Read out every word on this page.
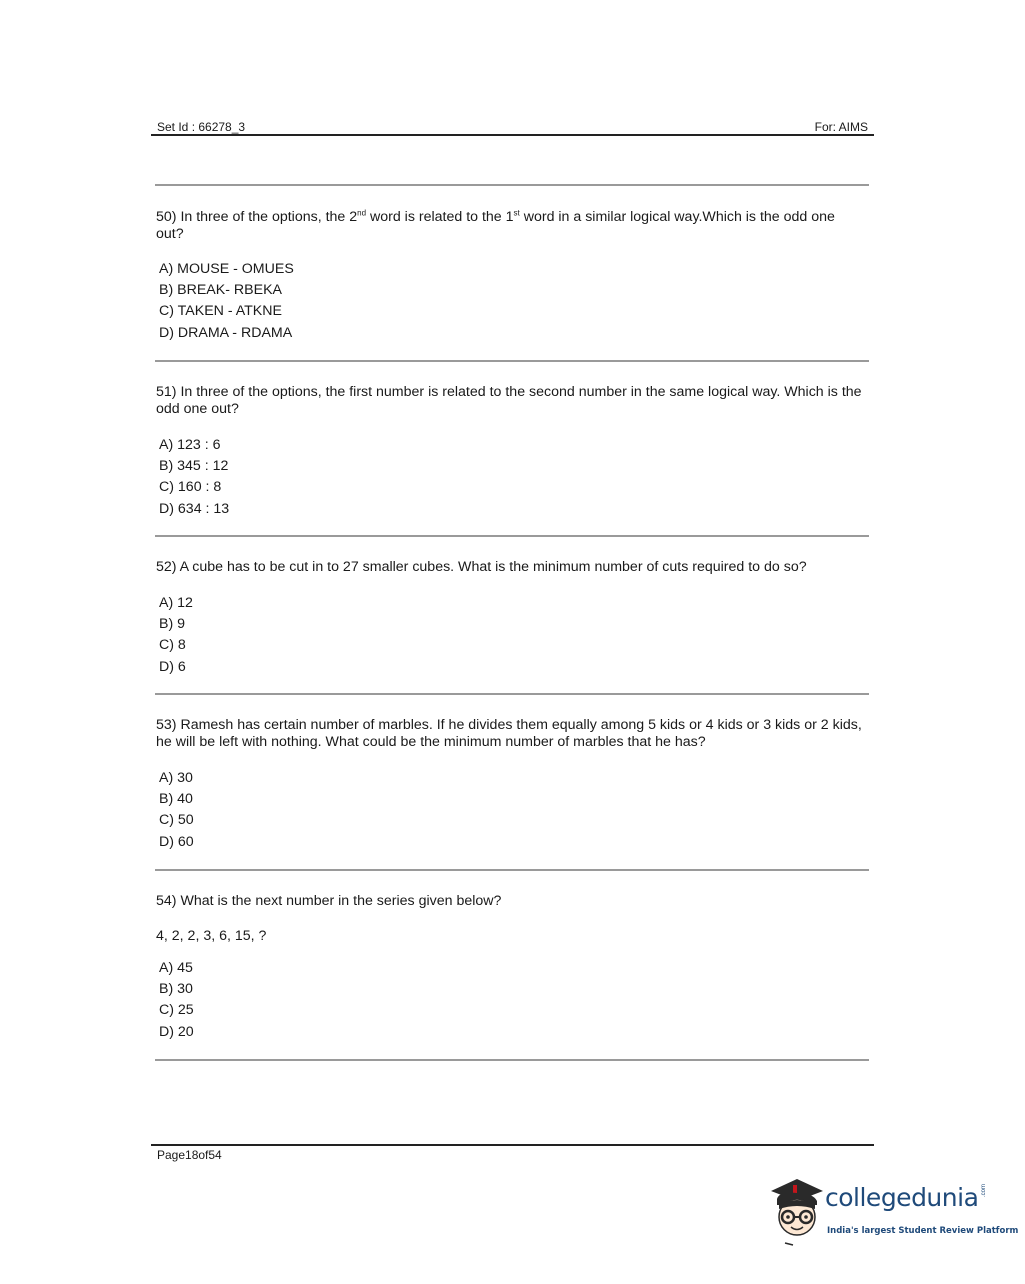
Set Id : 66278_3	For: AIMS
50) In three of the options, the 2nd word is related to the 1st word in a similar logical way.Which is the odd one out?
A) MOUSE - OMUES
B) BREAK- RBEKA
C) TAKEN - ATKNE
D) DRAMA - RDAMA
51) In three of the options, the first number is related to the second number in the same logical way. Which is the odd one out?
A) 123 : 6
B) 345 : 12
C) 160 : 8
D) 634 : 13
52) A cube has to be cut in to 27 smaller cubes. What is the minimum number of cuts required to do so?
A) 12
B) 9
C) 8
D) 6
53) Ramesh has certain number of marbles. If he divides them equally among 5 kids or 4 kids or 3 kids or 2 kids, he will be left with nothing. What could be the minimum number of marbles that he has?
A) 30
B) 40
C) 50
D) 60
54) What is the next number in the series given below?
4, 2, 2, 3, 6, 15, ?
A) 45
B) 30
C) 25
D) 20
Page18of54
collegedunia .com
India's largest Student Review Platform
